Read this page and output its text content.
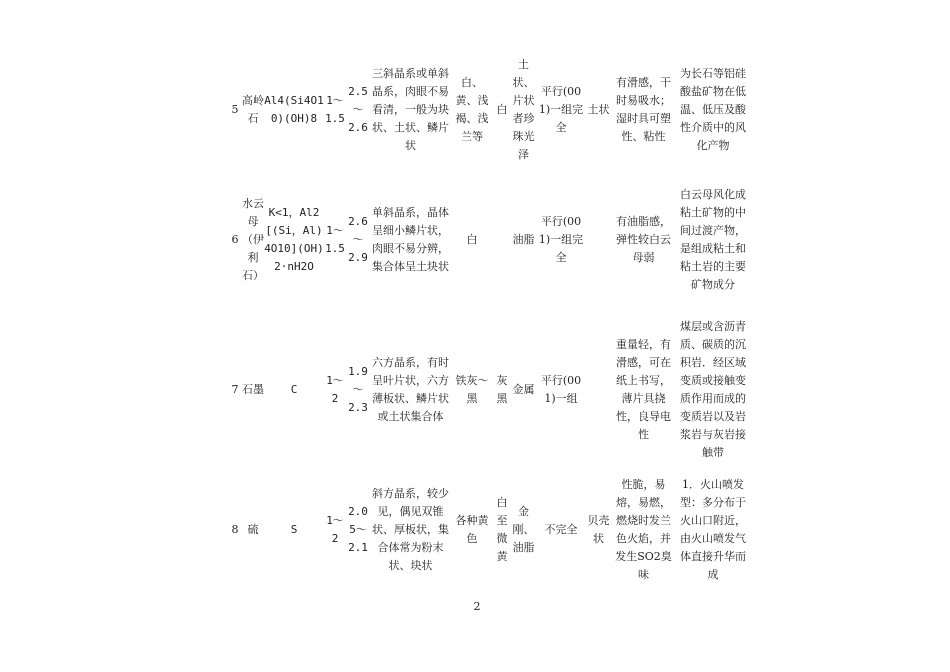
5	高岭石	Al4(Si4O10)(OH)8	1～1.5	2.5～2.6	三斜晶系或单斜晶系，肉眼不易看清，一般为块状、土状、鳞片状	白、黄、浅褐、浅兰等	白	土状、片状者珍珠光泽	平行(001)一组完全	土状	有滑感，干时易吸水；湿时具可塑性、粘性	为长石等铝硅酸盐矿物在低温、低压及酸性介质中的风化产物
6	水云母（伊利石）	K<1，Al2[(Si，Al)4O10](OH)2·nH2O	1～1.5	2.6～2.9	单斜晶系，晶体呈细小鳞片状，肉眼不易分辨，集合体呈土块状	白		油脂	平行(001)一组完全		有油脂感，弹性较白云母弱	白云母风化成粘土矿物的中间过渡产物，是组成粘土和粘土岩的主要矿物成分
7	石墨	C	1～2	1.9～2.3	六方晶系，有时呈叶片状，六方薄板状、鳞片状或土状集合体	铁灰～黑	灰黑	金属	平行(001)一组		重量轻，有滑感，可在纸上书写，薄片具挠性，良导电性	煤层或含沥青质、碳质的沉积岩．经区域变质或接触变质作用而成的变质岩以及岩浆岩与灰岩接触带
8	硫	S	1～2	2.05～2.1	斜方晶系，较少见，偶见双锥状、厚板状，集合体常为粉末状、块状	各种黄色	白至微黄	金刚、油脂	不完全	贝壳状	性脆，易熔，易燃，燃烧时发兰色火焰，并发生SO2臭味	1．火山喷发型：多分布于火山口附近，由火山喷发气体直接升华而成
2
